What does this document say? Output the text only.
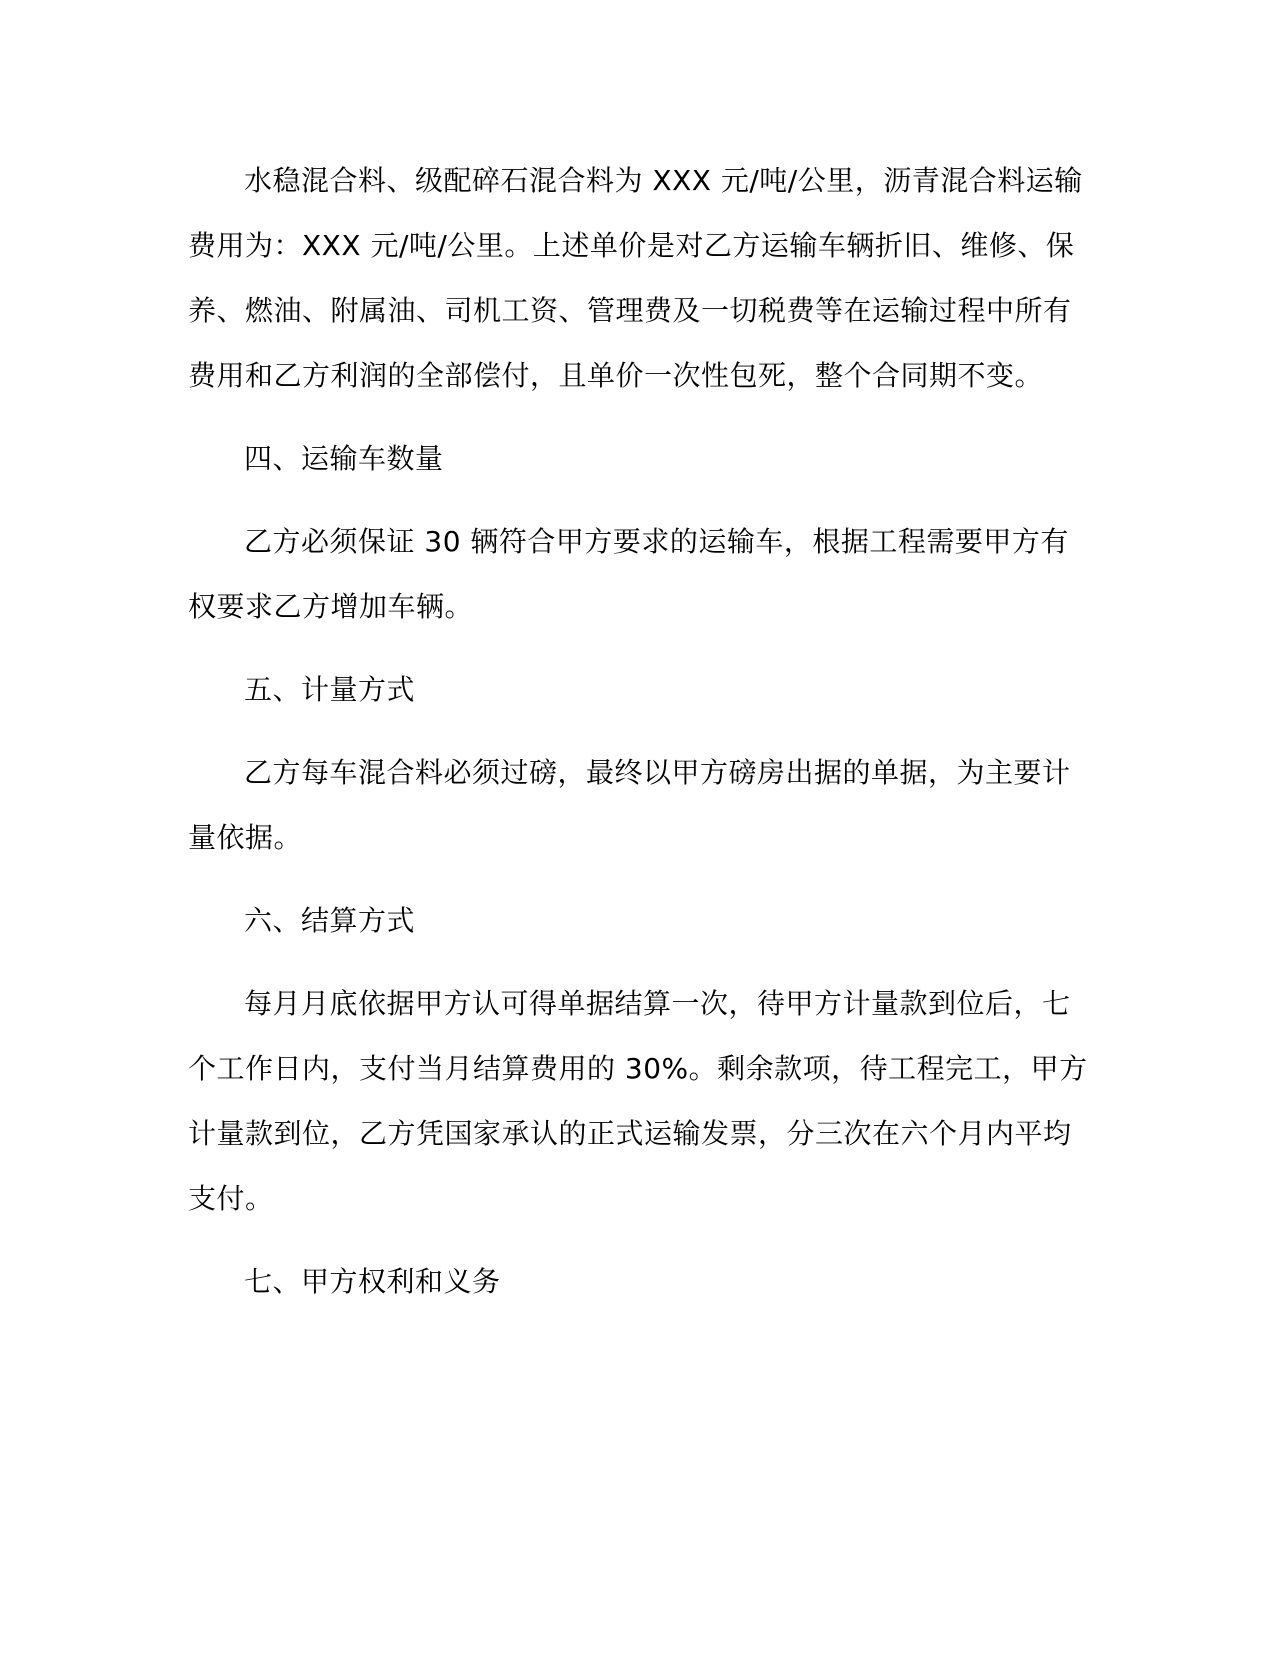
水稳混合料、级配碎石混合料为 XXX 元/吨/公里，沥青混合料运输费用为：XXX 元/吨/公里。上述单价是对乙方运输车辆折旧、维修、保养、燃油、附属油、司机工资、管理费及一切税费等在运输过程中所有费用和乙方利润的全部偿付，且单价一次性包死，整个合同期不变。

四、运输车数量

乙方必须保证 30 辆符合甲方要求的运输车，根据工程需要甲方有权要求乙方增加车辆。

五、计量方式

乙方每车混合料必须过磅，最终以甲方磅房出据的单据，为主要计量依据。

六、结算方式

每月月底依据甲方认可得单据结算一次，待甲方计量款到位后，七个工作日内，支付当月结算费用的 30%。剩余款项，待工程完工，甲方计量款到位，乙方凭国家承认的正式运输发票，分三次在六个月内平均支付。

七、甲方权利和义务
